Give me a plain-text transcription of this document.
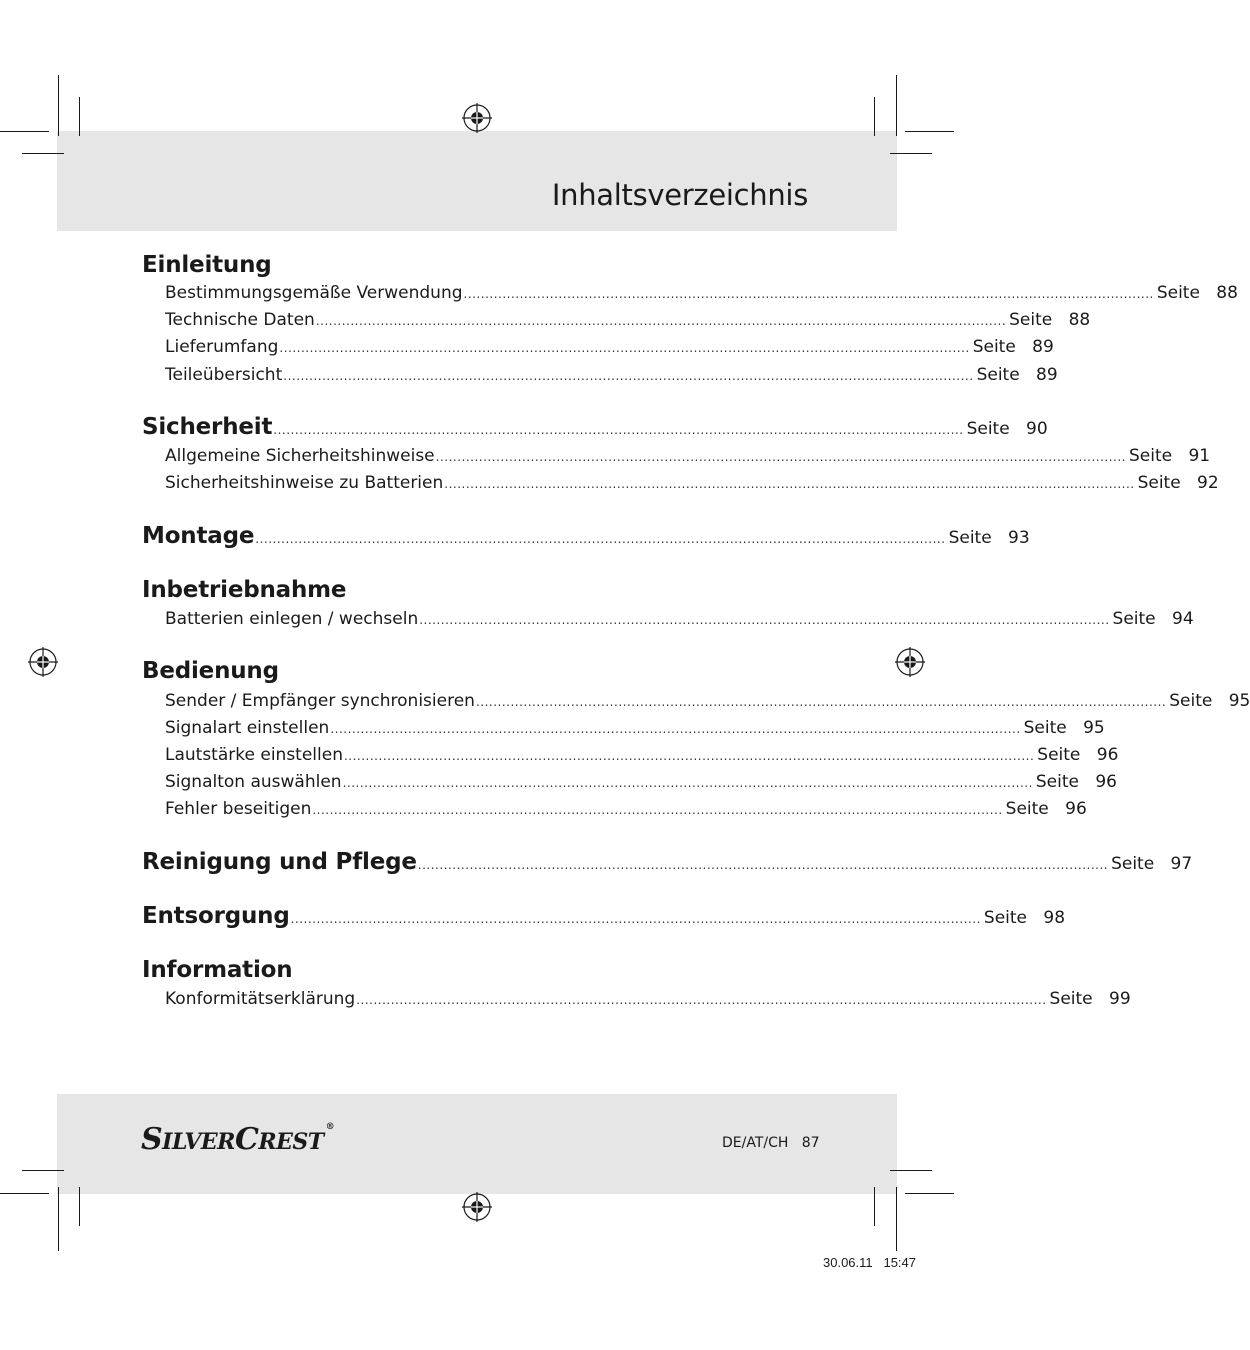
Inhaltsverzeichnis
Einleitung
Bestimmungsgemäße Verwendung ................................................................................................................................................................ Seite 88
Technische Daten ................................................................................................................................................................ Seite 88
Lieferumfang ................................................................................................................................................................ Seite 89
Teileübersicht ................................................................................................................................................................ Seite 89
Sicherheit ................................................................................................................................................................ Seite 90
Allgemeine Sicherheitshinweise ................................................................................................................................................................ Seite 91
Sicherheitshinweise zu Batterien ................................................................................................................................................................ Seite 92
Montage ................................................................................................................................................................ Seite 93
Inbetriebnahme
Batterien einlegen / wechseln ................................................................................................................................................................ Seite 94
Bedienung
Sender / Empfänger synchronisieren ................................................................................................................................................................ Seite 95
Signalart einstellen ................................................................................................................................................................ Seite 95
Lautstärke einstellen ................................................................................................................................................................ Seite 96
Signalton auswählen ................................................................................................................................................................ Seite 96
Fehler beseitigen ................................................................................................................................................................ Seite 96
Reinigung und Pflege ................................................................................................................................................................ Seite 97
Entsorgung ................................................................................................................................................................ Seite 98
Information
Konformitätserklärung ................................................................................................................................................................ Seite 99
SILVERCREST®
DE/AT/CH   87
30.06.11   15:47
